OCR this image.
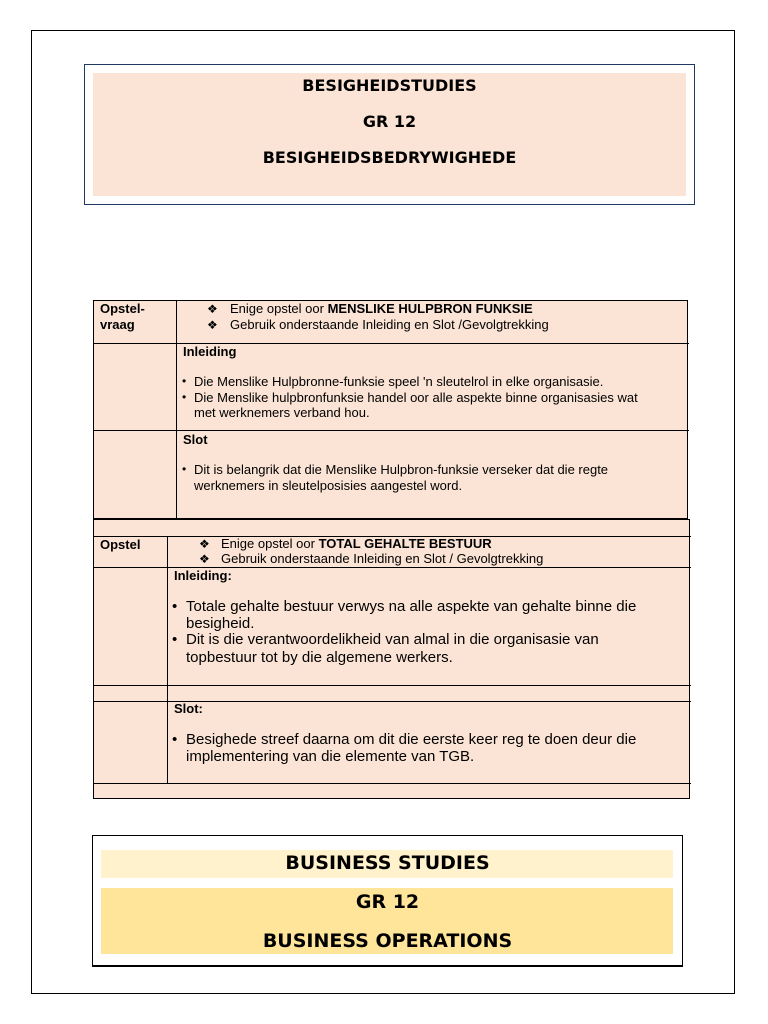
BESIGHEIDSTUDIES
GR 12
BESIGHEIDSBEDRYWIGHEDE
Opstel-
vraag
❖ Enige opstel oor MENSLIKE HULPBRON FUNKSIE
❖ Gebruik onderstaande Inleiding en Slot /Gevolgtrekking
Inleiding
• Die Menslike Hulpbronne-funksie speel 'n sleutelrol in elke organisasie.
• Die Menslike hulpbronfunksie handel oor alle aspekte binne organisasies wat
met werknemers verband hou.
Slot
• Dit is belangrik dat die Menslike Hulpbron-funksie verseker dat die regte
werknemers in sleutelposisies aangestel word.
Opstel	❖ Enige opstel oor TOTAL GEHALTE BESTUUR
❖ Gebruik onderstaande Inleiding en Slot / Gevolgtrekking
Inleiding:
• Totale gehalte bestuur verwys na alle aspekte van gehalte binne die
besigheid.
• Dit is die verantwoordelikheid van almal in die organisasie van
topbestuur tot by die algemene werkers.
Slot:
• Besighede streef daarna om dit die eerste keer reg te doen deur die
implementering van die elemente van TGB.
BUSINESS STUDIES
GR 12
BUSINESS OPERATIONS
